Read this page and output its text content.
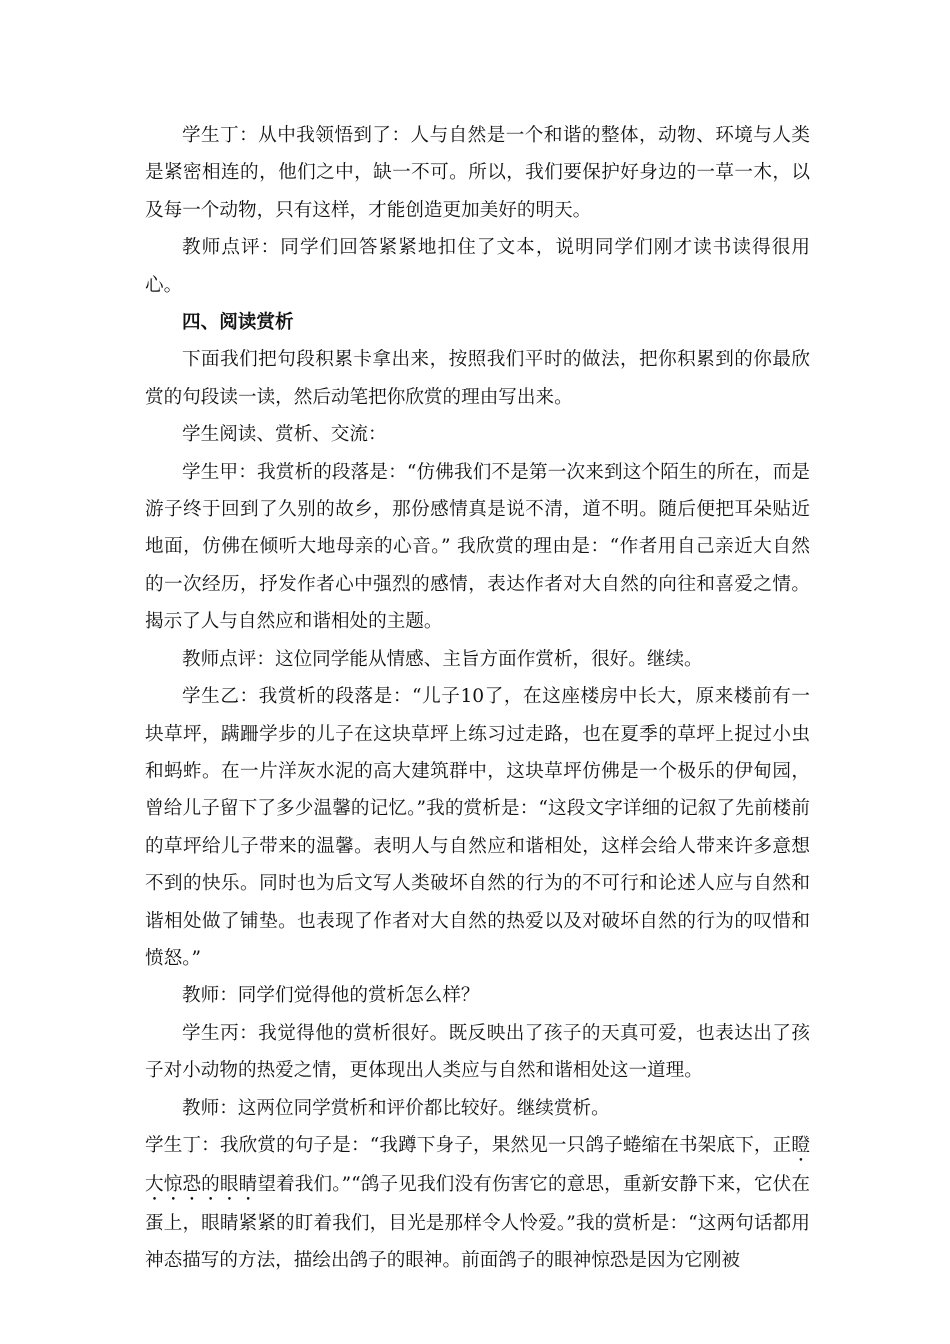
学生丁：从中我领悟到了：人与自然是一个和谐的整体，动物、环境与人类是紧密相连的，他们之中，缺一不可。所以，我们要保护好身边的一草一木，以及每一个动物，只有这样，才能创造更加美好的明天。

教师点评：同学们回答紧紧地扣住了文本，说明同学们刚才读书读得很用心。

四、阅读赏析

下面我们把句段积累卡拿出来，按照我们平时的做法，把你积累到的你最欣赏的句段读一读，然后动笔把你欣赏的理由写出来。

学生阅读、赏析、交流：

学生甲：我赏析的段落是：“仿佛我们不是第一次来到这个陌生的所在，而是游子终于回到了久别的故乡，那份感情真是说不清，道不明。随后便把耳朵贴近地面，仿佛在倾听大地母亲的心音。” 我欣赏的理由是：“作者用自己亲近大自然的一次经历，抒发作者心中强烈的感情，表达作者对大自然的向往和喜爱之情。揭示了人与自然应和谐相处的主题。

教师点评：这位同学能从情感、主旨方面作赏析，很好。继续。

学生乙：我赏析的段落是：“儿子10了，在这座楼房中长大，原来楼前有一块草坪，蹒跚学步的儿子在这块草坪上练习过走路，也在夏季的草坪上捉过小虫和蚂蚱。在一片洋灰水泥的高大建筑群中，这块草坪仿佛是一个极乐的伊甸园，曾给儿子留下了多少温馨的记忆。”我的赏析是：“这段文字详细的记叙了先前楼前的草坪给儿子带来的温馨。表明人与自然应和谐相处，这样会给人带来许多意想不到的快乐。同时也为后文写人类破坏自然的行为的不可行和论述人应与自然和谐相处做了铺垫。也表现了作者对大自然的热爱以及对破坏自然的行为的叹惜和愤怒。”

教师：同学们觉得他的赏析怎么样？

学生丙：我觉得他的赏析很好。既反映出了孩子的天真可爱，也表达出了孩子对小动物的热爱之情，更体现出人类应与自然和谐相处这一道理。

教师：这两位同学赏析和评价都比较好。继续赏析。

学生丁：我欣赏的句子是：“我蹲下身子，果然见一只鸽子蜷缩在书架底下，正瞪大惊恐的眼睛望着我们。”“鸽子见我们没有伤害它的意思，重新安静下来，它伏在蛋上，眼睛紧紧的盯着我们，目光是那样令人怜爱。”我的赏析是：“这两句话都用神态描写的方法，描绘出鸽子的眼神。前面鸽子的眼神惊恐是因为它刚被
